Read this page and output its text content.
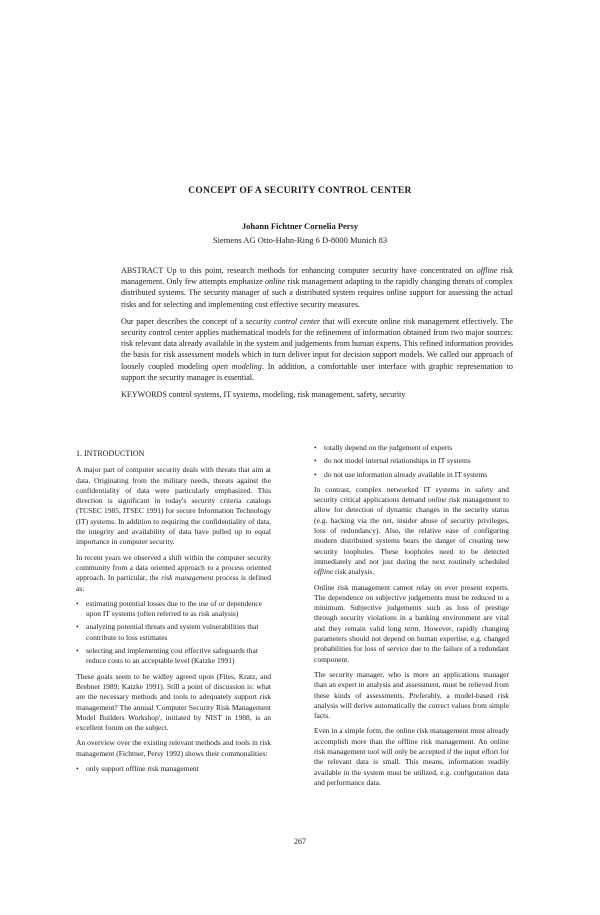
CONCEPT OF A SECURITY CONTROL CENTER
Johann Fichtner Cornelia Persy
Siemens AG Otto-Hahn-Ring 6 D-8000 Munich 83

ABSTRACT Up to this point, research methods for enhancing computer security have concentrated on offline risk management. Only few attempts emphasize online risk management adapting to the rapidly changing threats of complex distributed systems. The security manager of such a distributed system requires online support for assessing the actual risks and for selecting and implementing cost effective security measures.

Our paper describes the concept of a security control center that will execute online risk management effectively. The security control center applies mathematical models for the refinement of information obtained from two major sources: risk relevant data already available in the system and judgements from human experts. This refined information provides the basis for risk assessment models which in turn deliver input for decision support models. We called our approach of loosely coupled modeling open modeling. In addition, a comfortable user interface with graphic representation to support the security manager is essential.

KEYWORDS control systems, IT systems, modeling, risk management, safety, security

1. INTRODUCTION

A major part of computer security deals with threats that aim at data. Originating from the military needs, threats against the confidentiality of data were particularly emphasized. This direction is significant in today's security criteria catalogs (TCSEC 1985, ITSEC 1991) for secure Information Technology (IT) systems. In addition to requiring the confidentiality of data, the integrity and availability of data have pulled up to equal importance in computer security.

In recent years we observed a shift within the computer security community from a data oriented approach to a process oriented approach. In particular, the risk management process is defined as:

• estimating potential losses due to the use of or dependence upon IT systems (often referred to as risk analysis)
• analyzing potential threats and system vulnerabilities that contribute to loss estimates
• selecting and implementing cost effective safeguards that reduce costs to an acceptable level (Katzke 1991)

These goals seem to be widley agreed upon (Fites, Kratz, and Brebner 1989; Katzke 1991). Still a point of discussion is: what are the necessary methods and tools to adequately support risk management? The annual 'Computer Security Risk Management Model Builders Workshop', initiated by NIST in 1988, is an excellent forum on the subject.

An overview over the existing relevant methods and tools in risk management (Fichtner, Persy 1992) shows their commonalities:

• only support offline risk management
• totally depend on the judgement of experts
• do not model internal relationships in IT systems
• do not use information already available in IT systems

In contrast, complex networked IT systems in safety and security critical applications demand online risk management to allow for detection of dynamic changes in the security status (e.g. hacking via the net, insider abuse of security privileges, loss of redundancy). Also, the relative ease of configuring modern distributed systems bears the danger of creating new security loopholes. These loopholes need to be detected immediately and not just during the next routinely scheduled offline risk analysis.

Online risk management cannot relay on ever present experts. The dependence on subjective judgements must be reduced to a minimum. Subjective judgements such as loss of prestige through security violations in a banking environment are vital and they remain valid long term. However, rapidly changing parameters should not depend on human expertise, e.g. changed probabilities for loss of service due to the failure of a redundant component.

The security manager, who is more an applications manager than an expert in analysis and assessment, must be relieved from these kinds of assessments. Preferably, a model-based risk analysis will derive automatically the correct values from simple facts.

Even in a simple form, the online risk management must already accomplish more than the offline risk management. An online risk management tool will only be accepted if the input effort for the relevant data is small. This means, information readily available in the system must be utilized, e.g. configuration data and performance data.

267
